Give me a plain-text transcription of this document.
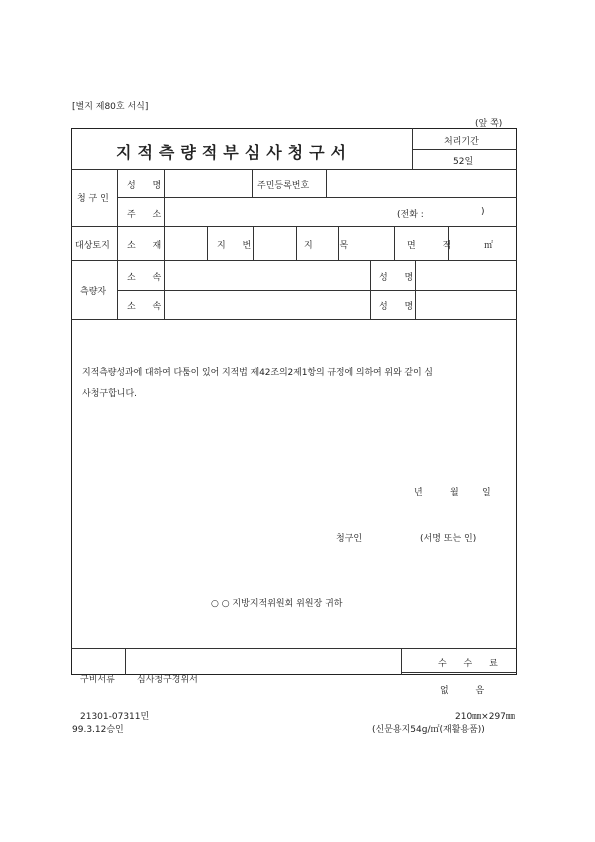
[별지 제80호 서식]
(앞 쪽)
지적측량적부심사청구서
처리기간
52일
청 구 인
성 명	주민등록번호
주 소	(전화 :	)
대상토지 소 재	지 번	지 목	면 적 ㎡
측량자
소 속	성 명
소 속	성 명
지적측량성과에 대하여 다툼이 있어 지적법 제42조의2제1항의 규정에 의하여 위와 같이 심
사청구합니다.
년	월	일
청구인	(서명 또는 인)
○ ○ 지방지적위원회 위원장 귀하
구비서류 심사청구경위서
수 수 료
없 음
21301-07311민
99.3.12승인
210㎜×297㎜
(신문용지54g/㎡(재활용품))
